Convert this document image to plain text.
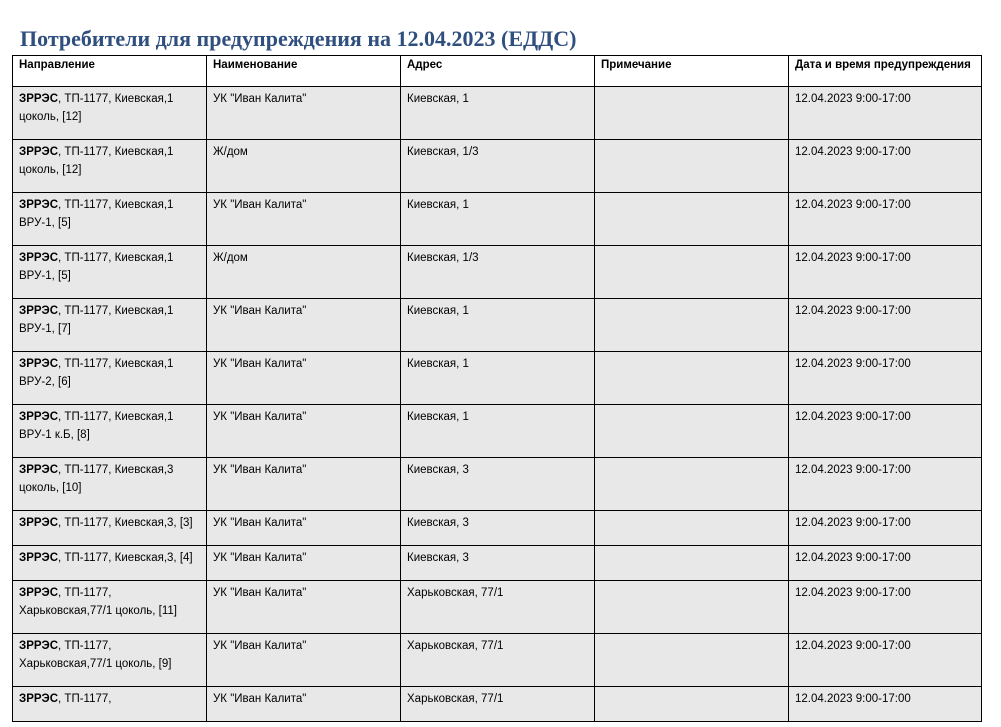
Потребители для предупреждения на 12.04.2023 (ЕДДС)
Направление	Наименование	Адрес	Примечание	Дата и время предупреждения
ЗРРЭС, ТП-1177, Киевская,1 цоколь, [12]	УК "Иван Калита"	Киевская, 1		12.04.2023 9:00-17:00
ЗРРЭС, ТП-1177, Киевская,1 цоколь, [12]	Ж/дом	Киевская, 1/3		12.04.2023 9:00-17:00
ЗРРЭС, ТП-1177, Киевская,1 ВРУ-1, [5]	УК "Иван Калита"	Киевская, 1		12.04.2023 9:00-17:00
ЗРРЭС, ТП-1177, Киевская,1 ВРУ-1, [5]	Ж/дом	Киевская, 1/3		12.04.2023 9:00-17:00
ЗРРЭС, ТП-1177, Киевская,1 ВРУ-1, [7]	УК "Иван Калита"	Киевская, 1		12.04.2023 9:00-17:00
ЗРРЭС, ТП-1177, Киевская,1 ВРУ-2, [6]	УК "Иван Калита"	Киевская, 1		12.04.2023 9:00-17:00
ЗРРЭС, ТП-1177, Киевская,1 ВРУ-1 к.Б, [8]	УК "Иван Калита"	Киевская, 1		12.04.2023 9:00-17:00
ЗРРЭС, ТП-1177, Киевская,3 цоколь, [10]	УК "Иван Калита"	Киевская, 3		12.04.2023 9:00-17:00
ЗРРЭС, ТП-1177, Киевская,3, [3]	УК "Иван Калита"	Киевская, 3		12.04.2023 9:00-17:00
ЗРРЭС, ТП-1177, Киевская,3, [4]	УК "Иван Калита"	Киевская, 3		12.04.2023 9:00-17:00
ЗРРЭС, ТП-1177, Харьковская,77/1 цоколь, [11]	УК "Иван Калита"	Харьковская, 77/1		12.04.2023 9:00-17:00
ЗРРЭС, ТП-1177, Харьковская,77/1 цоколь, [9]	УК "Иван Калита"	Харьковская, 77/1		12.04.2023 9:00-17:00
ЗРРЭС, ТП-1177,	УК "Иван Калита"	Харьковская, 77/1		12.04.2023 9:00-17:00
